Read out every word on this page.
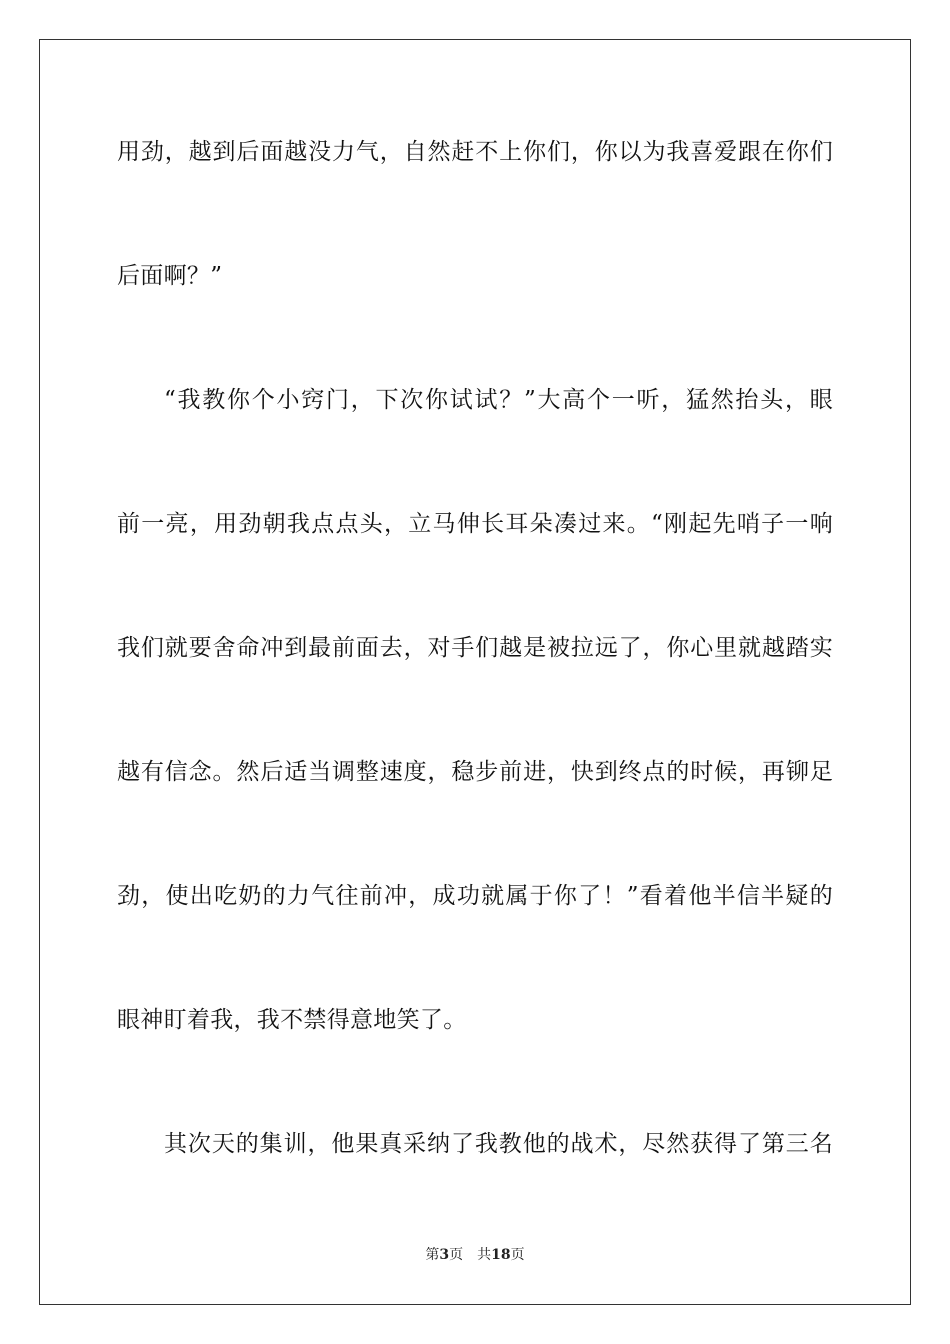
用劲，越到后面越没力气，自然赶不上你们，你以为我喜爱跟在你们
后面啊？”
“我教你个小窍门，下次你试试？”大高个一听，猛然抬头，眼
前一亮，用劲朝我点点头，立马伸长耳朵凑过来。“刚起先哨子一响
我们就要舍命冲到最前面去，对手们越是被拉远了，你心里就越踏实
越有信念。然后适当调整速度，稳步前进，快到终点的时候，再铆足
劲，使出吃奶的力气往前冲，成功就属于你了！”看着他半信半疑的
眼神盯着我，我不禁得意地笑了。
其次天的集训，他果真采纳了我教他的战术，尽然获得了第三名
第3页 共18页
